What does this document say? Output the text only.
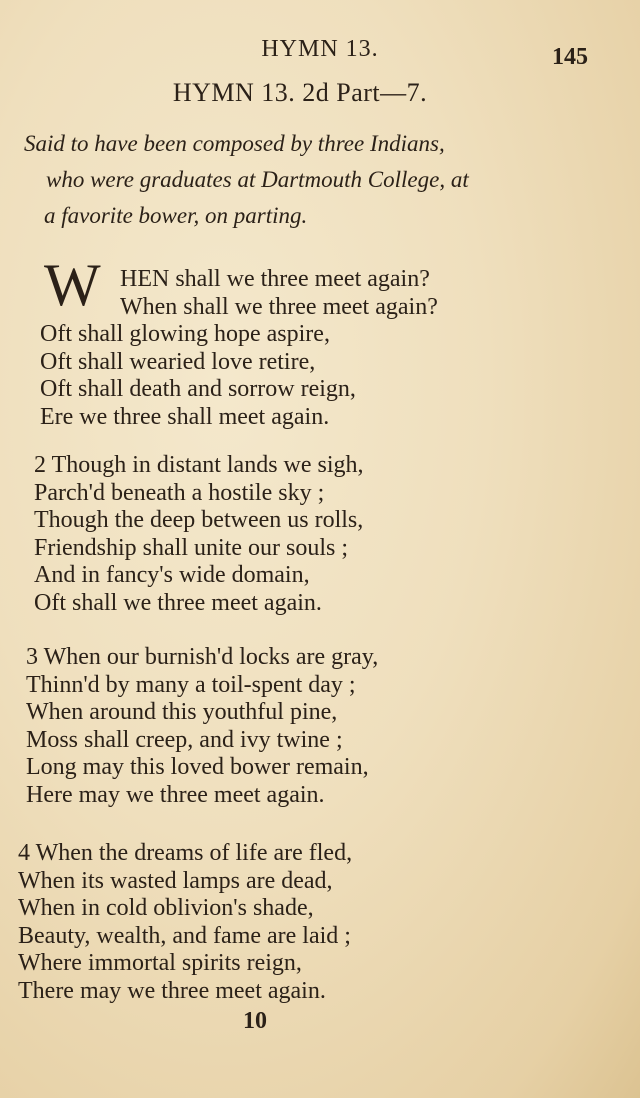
HYMN 13.	145
HYMN 13. 2d Part—7.
Said to have been composed by three Indians,
who were graduates at Dartmouth College, at
a favorite bower, on parting.
W HEN shall we three meet again?
When shall we three meet again?
Oft shall glowing hope aspire,
Oft shall wearied love retire,
Oft shall death and sorrow reign,
Ere we three shall meet again.
2 Though in distant lands we sigh,
Parch'd beneath a hostile sky ;
Though the deep between us rolls,
Friendship shall unite our souls ;
And in fancy's wide domain,
Oft shall we three meet again.
3 When our burnish'd locks are gray,
Thinn'd by many a toil-spent day ;
When around this youthful pine,
Moss shall creep, and ivy twine ;
Long may this loved bower remain,
Here may we three meet again.
4 When the dreams of life are fled,
When its wasted lamps are dead,
When in cold oblivion's shade,
Beauty, wealth, and fame are laid ;
Where immortal spirits reign,
There may we three meet again.
10
